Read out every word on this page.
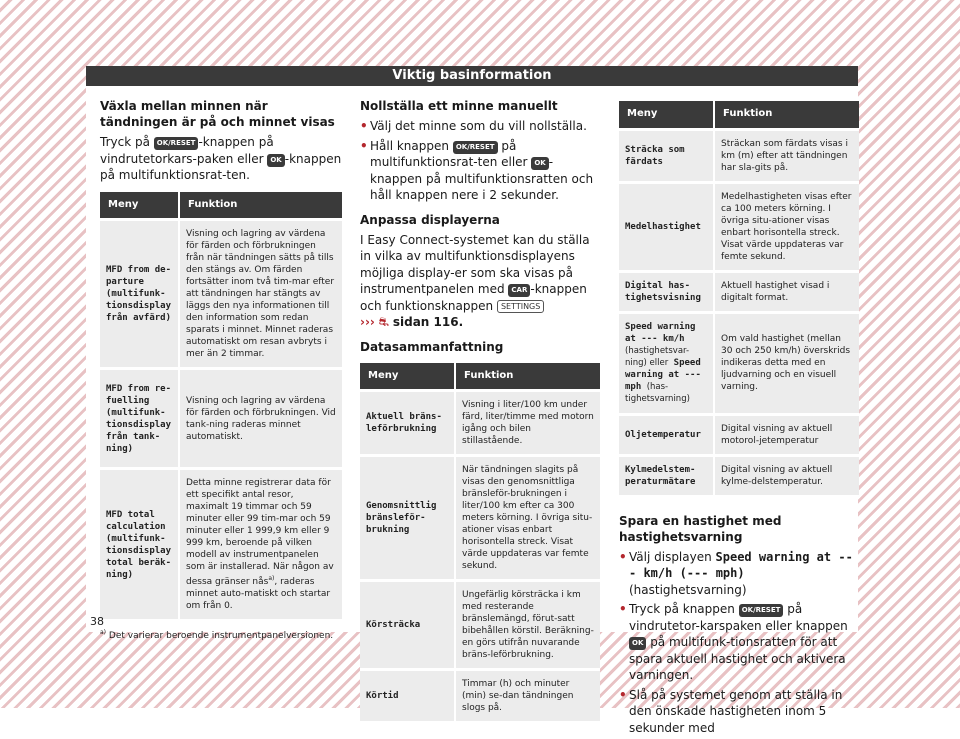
Viktig basinformation
Växla mellan minnen när tändningen är på och minnet visas

Tryck på OK/RESET -knappen på vindrutetorkars-paken eller OK -knappen på multifunktionsrat-ten.

Meny	Funktion
MFD from de-parture (multifunk-tionsdisplay från avfärd)	Visning och lagring av värdena för färden och förbrukningen från när tändningen sätts på tills den stängs av. Om färden fortsätter inom två tim-mar efter att tändningen har stängts av läggs den nya informationen till den information som redan sparats i minnet. Minnet raderas automatiskt om resan avbryts i mer än 2 timmar.
MFD from re-fuelling (multifunk-tionsdisplay från tank-ning)	Visning och lagring av värdena för färden och förbrukningen. Vid tank-ning raderas minnet automatiskt.
MFD total calculation (multifunk-tionsdisplay total beräk-ning)	Detta minne registrerar data för ett specifikt antal resor, maximalt 19 timmar och 59 minuter eller 99 tim-mar och 59 minuter eller 1 999,9 km eller 9 999 km, beroende på vilken modell av instrumentpanelen som är installerad. När någon av dessa gränser nås$^{a)}$, raderas minnet auto-matiskt och startar om från 0.
$^{a)}$ Det varierar beroende instrumentpanelversionen.
Nollställa ett minne manuellt
• Välj det minne som du vill nollställa.
• Håll knappen OK/RESET på multifunktionsrat-ten eller OK -knappen på multifunktionsratten och håll knappen nere i 2 sekunder.
Anpassa displayerna

I Easy Connect-systemet kan du ställa in vilka av multifunktionsdisplayens möjliga display-er som ska visas på instrumentpanelen med CAR -knappen och funktionsknappen SETTINGS
››› ⛐ sidan 116.

Datasammanfattning
Meny	Funktion
Aktuell bräns-leförbrukning	Visning i liter/100 km under färd, liter/timme med motorn igång och bilen stillastående.
Genomsnittlig bränsleför-brukning	När tändningen slagits på visas den genomsnittliga bränsleför-brukningen i liter/100 km efter ca 300 meters körning. I övriga situ-ationer visas enbart horisontella streck. Visat värde uppdateras var femte sekund.
Körsträcka	Ungefärlig körsträcka i km med resterande bränslemängd, förut-satt bibehållen körstil. Beräkning-en görs utifrån nuvarande bräns-leförbrukning.
Körtid	Timmar (h) och minuter (min) se-dan tändningen slogs på.
Meny	Funktion
Sträcka som färdats	Sträckan som färdats visas i km (m) efter att tändningen har sla-gits på.
Medelhastighet	Medelhastigheten visas efter ca 100 meters körning. I övriga situ-ationer visas enbart horisontella streck. Visat värde uppdateras var femte sekund.
Digital has-tighetsvisning	Aktuell hastighet visad i digitalt format.
Speed warning at --- km/h (hastighetsvar-ning) eller Speed warning at --- mph (has-tighetsvarning)	Om vald hastighet (mellan 30 och 250 km/h) överskrids indikeras detta med en ljudvarning och en visuell varning.
Oljetemperatur	Digital visning av aktuell motorol-jetemperatur
Kylmedelstem-peraturmätare	Digital visning av aktuell kylme-delstemperatur.
Spara en hastighet med hastighetsvarning
• Välj displayen Speed warning at --- km/h (--- mph) (hastighetsvarning)
• Tryck på knappen OK/RESET på vindrutetor-karspaken eller knappen OK på multifunk-tionsratten för att spara aktuell hastighet och aktivera varningen.
• Slå på systemet genom att ställa in den önskade hastigheten inom 5 sekunder med
38
